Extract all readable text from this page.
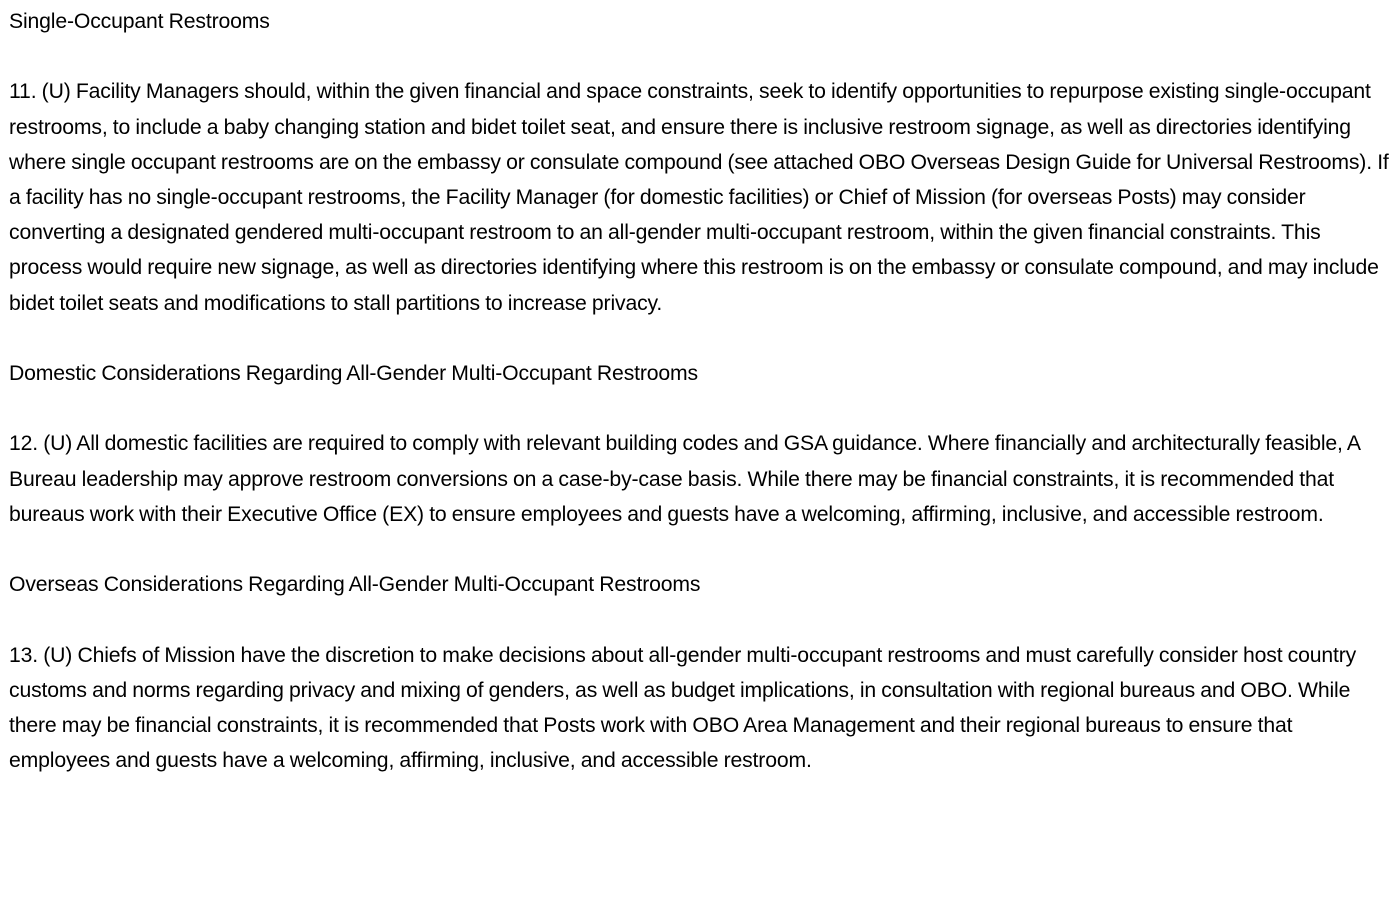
Single-Occupant Restrooms

11. (U) Facility Managers should, within the given financial and space constraints, seek to identify opportunities to repurpose existing single-occupant restrooms, to include a baby changing station and bidet toilet seat, and ensure there is inclusive restroom signage, as well as directories identifying where single occupant restrooms are on the embassy or consulate compound (see attached OBO Overseas Design Guide for Universal Restrooms). If a facility has no single-occupant restrooms, the Facility Manager (for domestic facilities) or Chief of Mission (for overseas Posts) may consider converting a designated gendered multi-occupant restroom to an all-gender multi-occupant restroom, within the given financial constraints. This process would require new signage, as well as directories identifying where this restroom is on the embassy or consulate compound, and may include bidet toilet seats and modifications to stall partitions to increase privacy.

Domestic Considerations Regarding All-Gender Multi-Occupant Restrooms

12. (U) All domestic facilities are required to comply with relevant building codes and GSA guidance. Where financially and architecturally feasible, A Bureau leadership may approve restroom conversions on a case-by-case basis. While there may be financial constraints, it is recommended that bureaus work with their Executive Office (EX) to ensure employees and guests have a welcoming, affirming, inclusive, and accessible restroom.

Overseas Considerations Regarding All-Gender Multi-Occupant Restrooms

13. (U) Chiefs of Mission have the discretion to make decisions about all-gender multi-occupant restrooms and must carefully consider host country customs and norms regarding privacy and mixing of genders, as well as budget implications, in consultation with regional bureaus and OBO. While there may be financial constraints, it is recommended that Posts work with OBO Area Management and their regional bureaus to ensure that employees and guests have a welcoming, affirming, inclusive, and accessible restroom.
